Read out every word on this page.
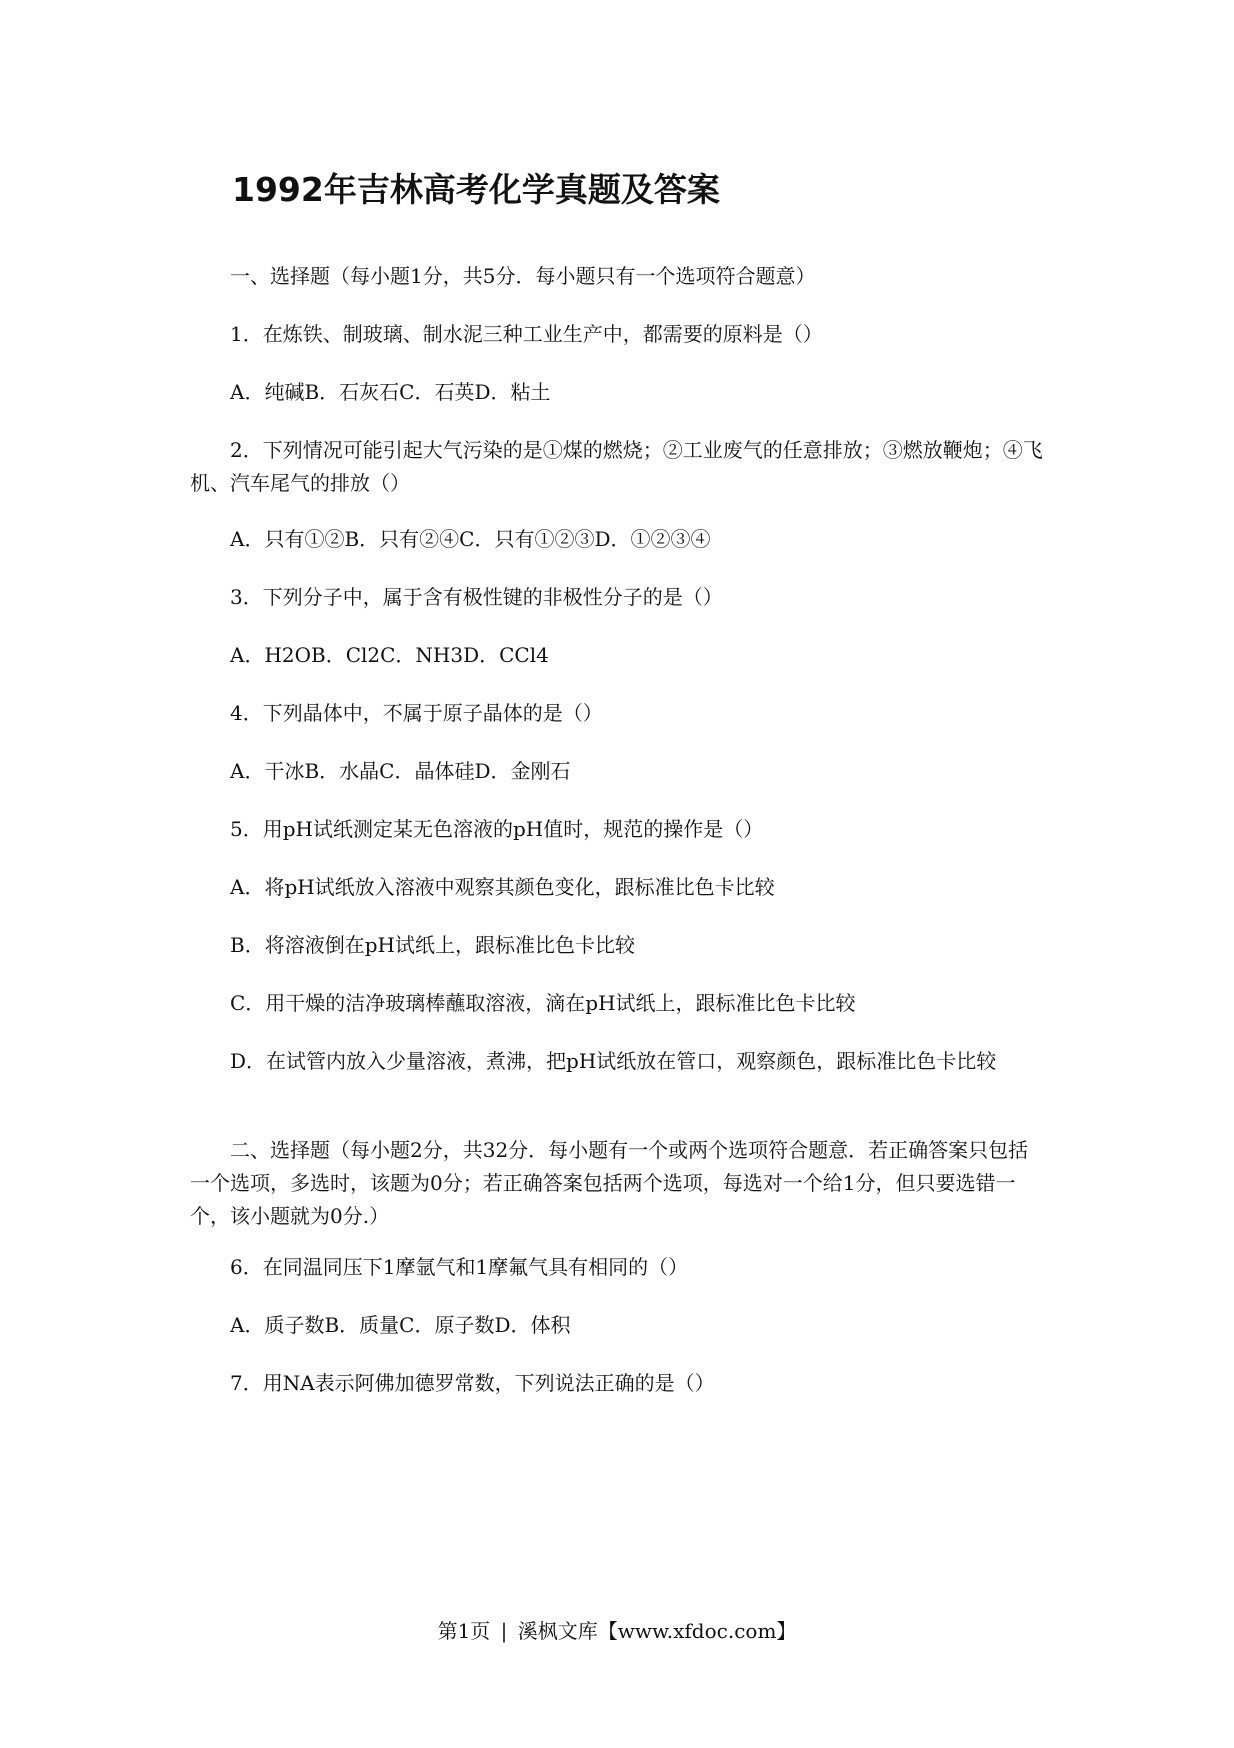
1992年吉林高考化学真题及答案

一、选择题（每小题1分，共5分．每小题只有一个选项符合题意）

1．在炼铁、制玻璃、制水泥三种工业生产中，都需要的原料是（）

A．纯碱B．石灰石C．石英D．粘土

2．下列情况可能引起大气污染的是①煤的燃烧；②工业废气的任意排放；③燃放鞭炮；④飞机、汽车尾气的排放（）

A．只有①②B．只有②④C．只有①②③D．①②③④

3．下列分子中，属于含有极性键的非极性分子的是（）

A．H2OB．Cl2C．NH3D．CCl4

4．下列晶体中，不属于原子晶体的是（）

A．干冰B．水晶C．晶体硅D．金刚石

5．用pH试纸测定某无色溶液的pH值时，规范的操作是（）

A．将pH试纸放入溶液中观察其颜色变化，跟标准比色卡比较

B．将溶液倒在pH试纸上，跟标准比色卡比较

C．用干燥的洁净玻璃棒蘸取溶液，滴在pH试纸上，跟标准比色卡比较

D．在试管内放入少量溶液，煮沸，把pH试纸放在管口，观察颜色，跟标准比色卡比较

二、选择题（每小题2分，共32分．每小题有一个或两个选项符合题意．若正确答案只包括一个选项，多选时，该题为0分；若正确答案包括两个选项，每选对一个给1分，但只要选错一个，该小题就为0分.）

6．在同温同压下1摩氩气和1摩氟气具有相同的（）

A．质子数B．质量C．原子数D．体积

7．用NA表示阿佛加德罗常数，下列说法正确的是（）

第1页 | 溪枫文库【www.xfdoc.com】
